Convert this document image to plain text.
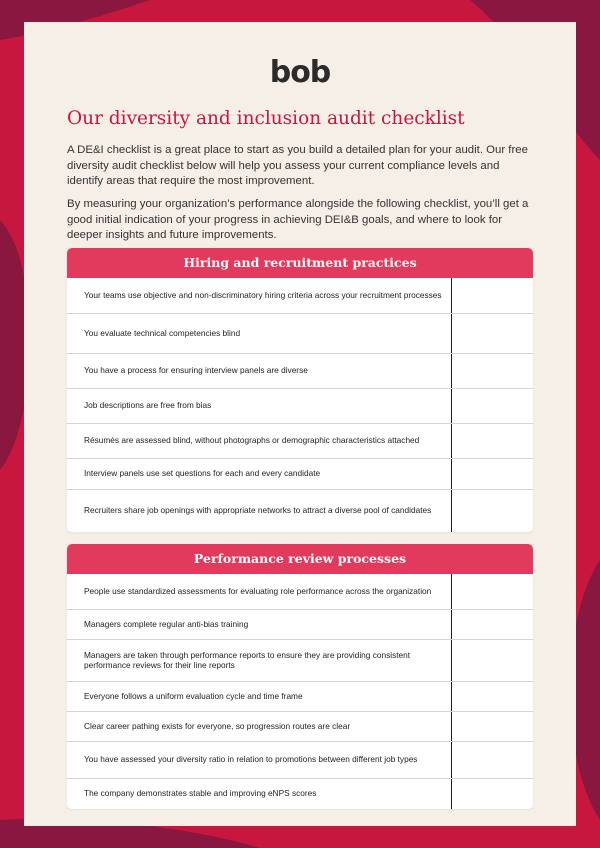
bob
Our diversity and inclusion audit checklist

A DE&I checklist is a great place to start as you build a detailed plan for your audit. Our free diversity audit checklist below will help you assess your current compliance levels and identify areas that require the most improvement.

By measuring your organization’s performance alongside the following checklist, you’ll get a good initial indication of your progress in achieving DEI&B goals, and where to look for deeper insights and future improvements.

Hiring and recruitment practices
Your teams use objective and non-discriminatory hiring criteria across your recruitment processes
You evaluate technical competencies blind
You have a process for ensuring interview panels are diverse
Job descriptions are free from bias
Résumés are assessed blind, without photographs or demographic characteristics attached
Interview panels use set questions for each and every candidate
Recruiters share job openings with appropriate networks to attract a diverse pool of candidates
Performance review processes
People use standardized assessments for evaluating role performance across the organization
Managers complete regular anti-bias training
Managers are taken through performance reports to ensure they are providing consistent performance reviews for their line reports
Everyone follows a uniform evaluation cycle and time frame
Clear career pathing exists for everyone, so progression routes are clear
You have assessed your diversity ratio in relation to promotions between different job types
The company demonstrates stable and improving eNPS scores
